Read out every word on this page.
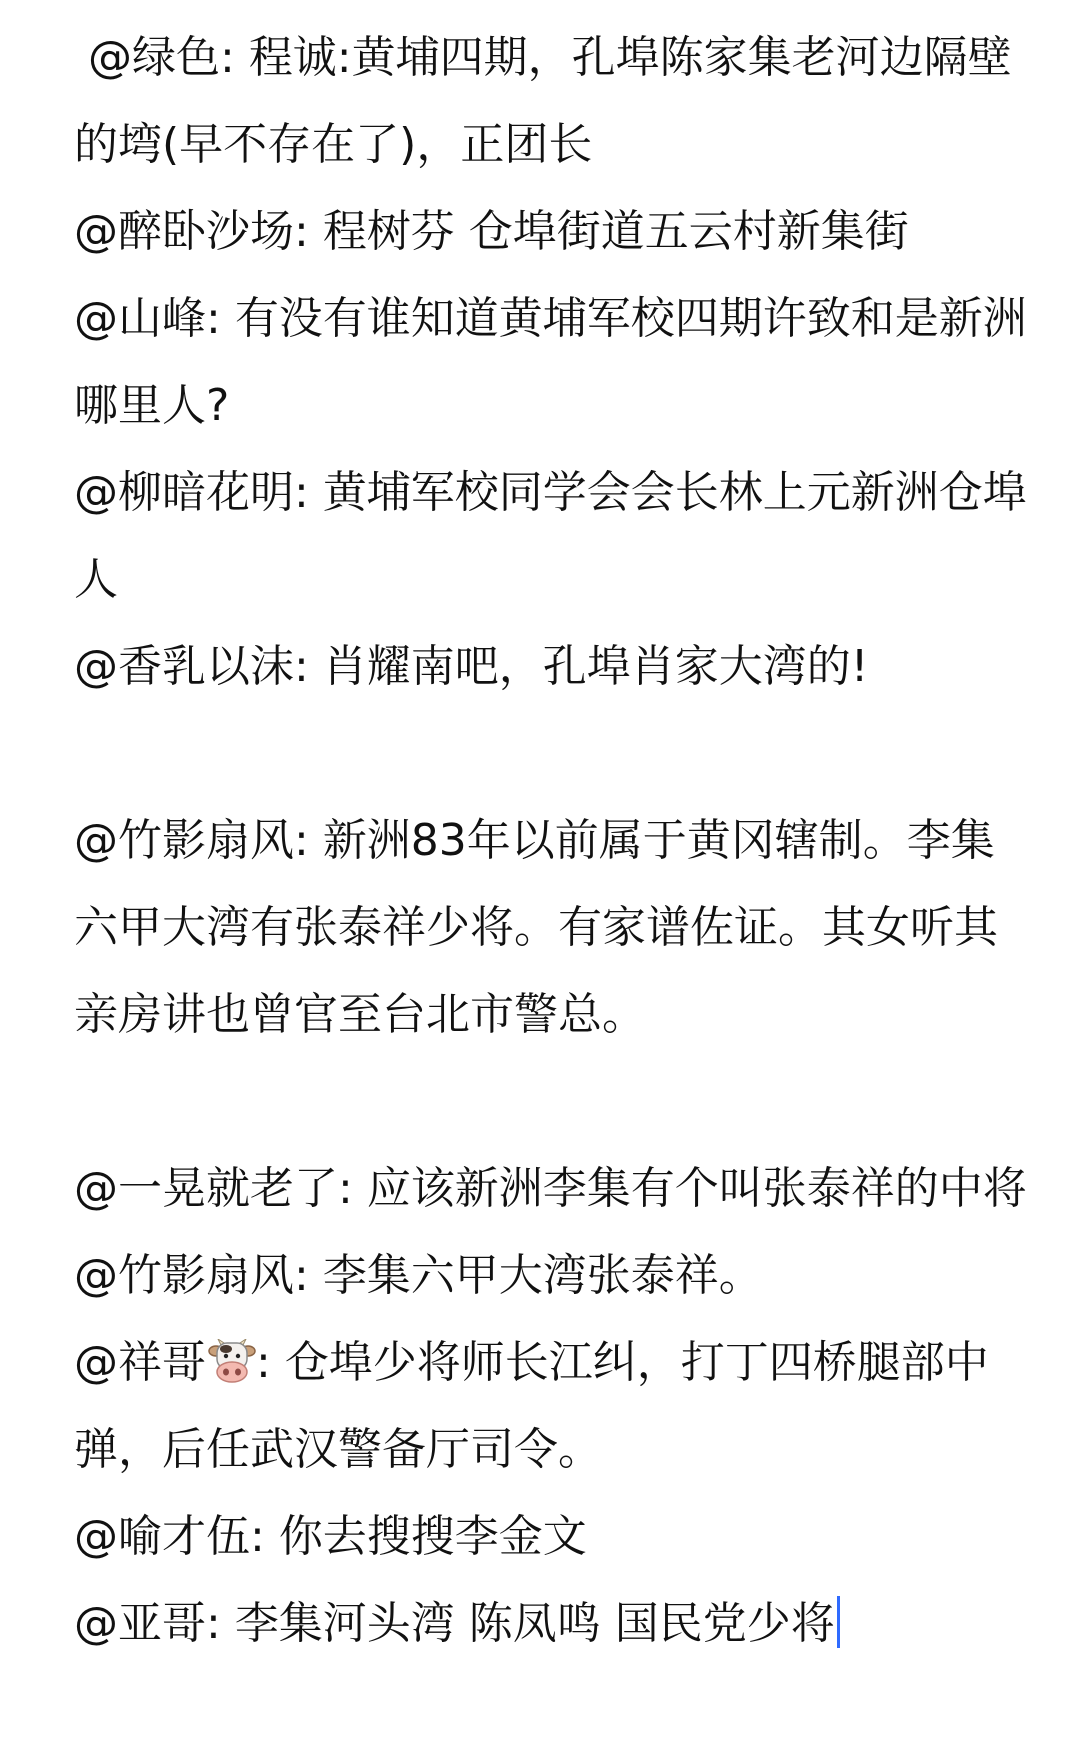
@绿色: 程诚:黄埔四期，孔埠陈家集老河边隔壁的塆(早不存在了)，正团长

@醉卧沙场: 程树芬 仓埠街道五云村新集街

@山峰: 有没有谁知道黄埔军校四期许致和是新洲哪里人?

@柳暗花明: 黄埔军校同学会会长林上元新洲仓埠人

@香乳以沫: 肖耀南吧，孔埠肖家大湾的!

@竹影扇风: 新洲83年以前属于黄冈辖制。李集六甲大湾有张泰祥少将。有家谱佐证。其女听其亲房讲也曾官至台北市警总。

@一晃就老了: 应该新洲李集有个叫张泰祥的中将

@竹影扇风: 李集六甲大湾张泰祥。

@祥哥 : 仓埠少将师长江纠，打丁四桥腿部中弹，后任武汉警备厅司令。

@喻才伍: 你去搜搜李金文

@亚哥: 李集河头湾 陈凤鸣 国民党少将
